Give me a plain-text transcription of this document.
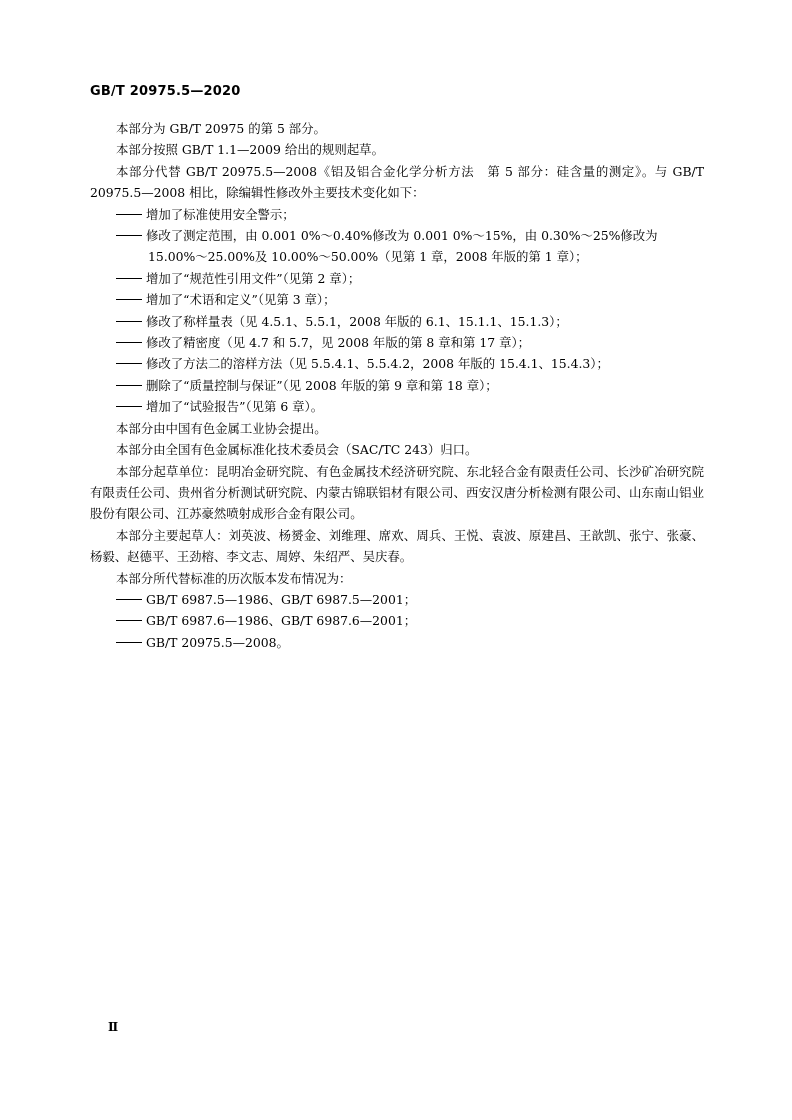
GB/T 20975.5—2020

本部分为 GB/T 20975 的第 5 部分。

本部分按照 GB/T 1.1—2009 给出的规则起草。

本部分代替 GB/T 20975.5—2008《铝及铝合金化学分析方法　第 5 部分：硅含量的测定》。与 GB/T 20975.5—2008 相比，除编辑性修改外主要技术变化如下：

增加了标准使用安全警示；

修改了测定范围，由 0.001 0%～0.40%修改为 0.001 0%～15%，由 0.30%～25%修改为

15.00%～25.00%及 10.00%～50.00%（见第 1 章，2008 年版的第 1 章）；

增加了“规范性引用文件”（见第 2 章）；

增加了“术语和定义”（见第 3 章）；

修改了称样量表（见 4.5.1、5.5.1，2008 年版的 6.1、15.1.1、15.1.3）；

修改了精密度（见 4.7 和 5.7，见 2008 年版的第 8 章和第 17 章）；

修改了方法二的溶样方法（见 5.5.4.1、5.5.4.2，2008 年版的 15.4.1、15.4.3）；

删除了“质量控制与保证”（见 2008 年版的第 9 章和第 18 章）；

增加了“试验报告”（见第 6 章）。

本部分由中国有色金属工业协会提出。

本部分由全国有色金属标准化技术委员会（SAC/TC 243）归口。

本部分起草单位：昆明冶金研究院、有色金属技术经济研究院、东北轻合金有限责任公司、长沙矿冶研究院有限责任公司、贵州省分析测试研究院、内蒙古锦联铝材有限公司、西安汉唐分析检测有限公司、山东南山铝业股份有限公司、江苏豪然喷射成形合金有限公司。

本部分主要起草人：刘英波、杨赟金、刘维理、席欢、周兵、王悦、袁波、原建昌、王歆凯、张宁、张豪、杨毅、赵德平、王劲榕、李文志、周婷、朱绍严、吴庆春。

本部分所代替标准的历次版本发布情况为：

GB/T 6987.5—1986、GB/T 6987.5—2001；

GB/T 6987.6—1986、GB/T 6987.6—2001；

GB/T 20975.5—2008。

Ⅱ
